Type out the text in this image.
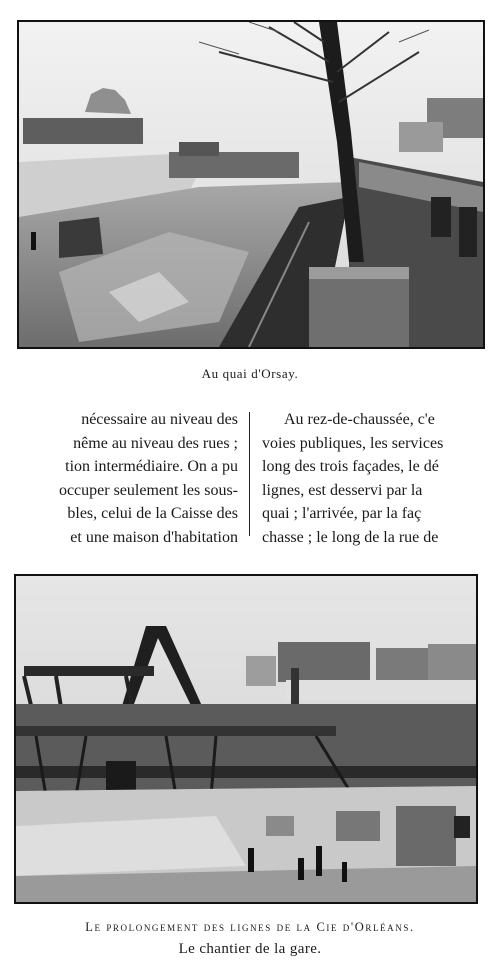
Au quai d'Orsay.
nécessaire au niveau des
nême au niveau des rues ;
tion intermédiaire. On a pu
occuper seulement les sous-
bles, celui de la Caisse des
et une maison d'habitation
Au rez-de-chaussée, c'e
voies publiques, les services
long des trois façades, le dé
lignes, est desservi par la
quai ; l'arrivée, par la faç
chasse ; le long de la rue de
Le prolongement des lignes de la Cie d'Orléans.
Le chantier de la gare.
